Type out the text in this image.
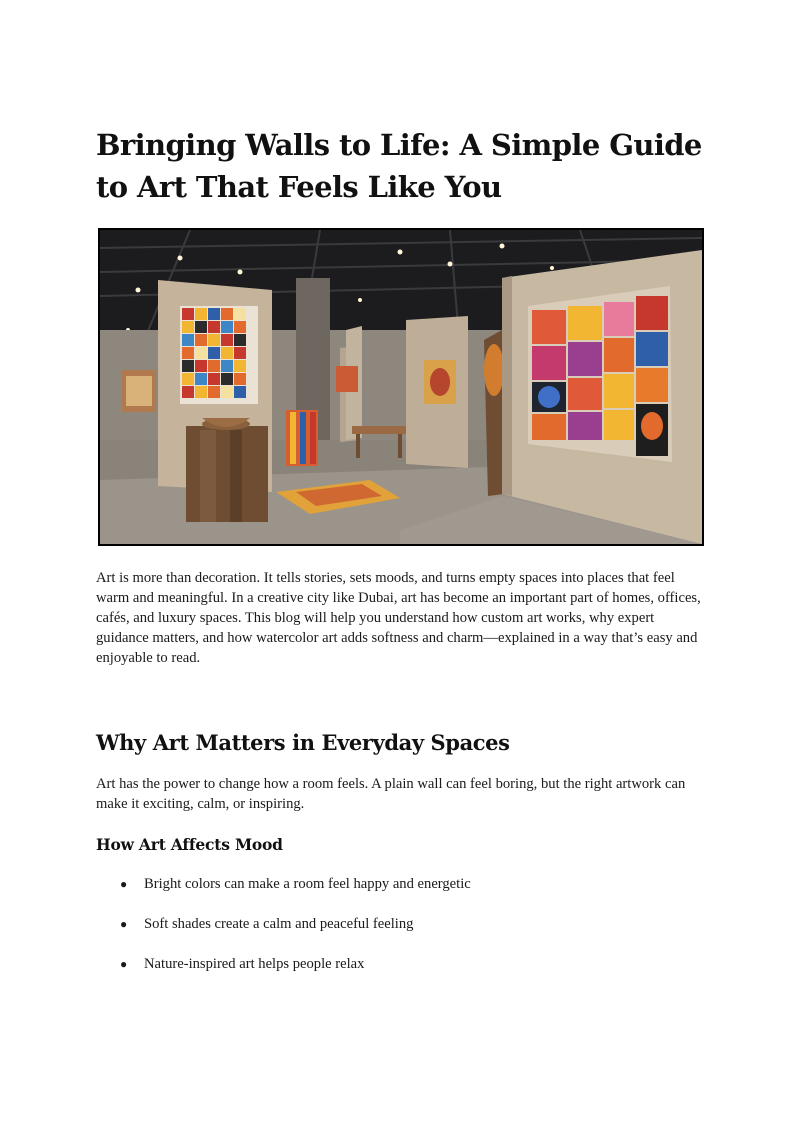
Bringing Walls to Life: A Simple Guide to Art That Feels Like You

Art is more than decoration. It tells stories, sets moods, and turns empty spaces into places that feel warm and meaningful. In a creative city like Dubai, art has become an important part of homes, offices, cafés, and luxury spaces. This blog will help you understand how custom art works, why expert guidance matters, and how watercolor art adds softness and charm—explained in a way that’s easy and enjoyable to read.

Why Art Matters in Everyday Spaces

Art has the power to change how a room feels. A plain wall can feel boring, but the right artwork can make it exciting, calm, or inspiring.

How Art Affects Mood
● Bright colors can make a room feel happy and energetic
● Soft shades create a calm and peaceful feeling
● Nature-inspired art helps people relax
